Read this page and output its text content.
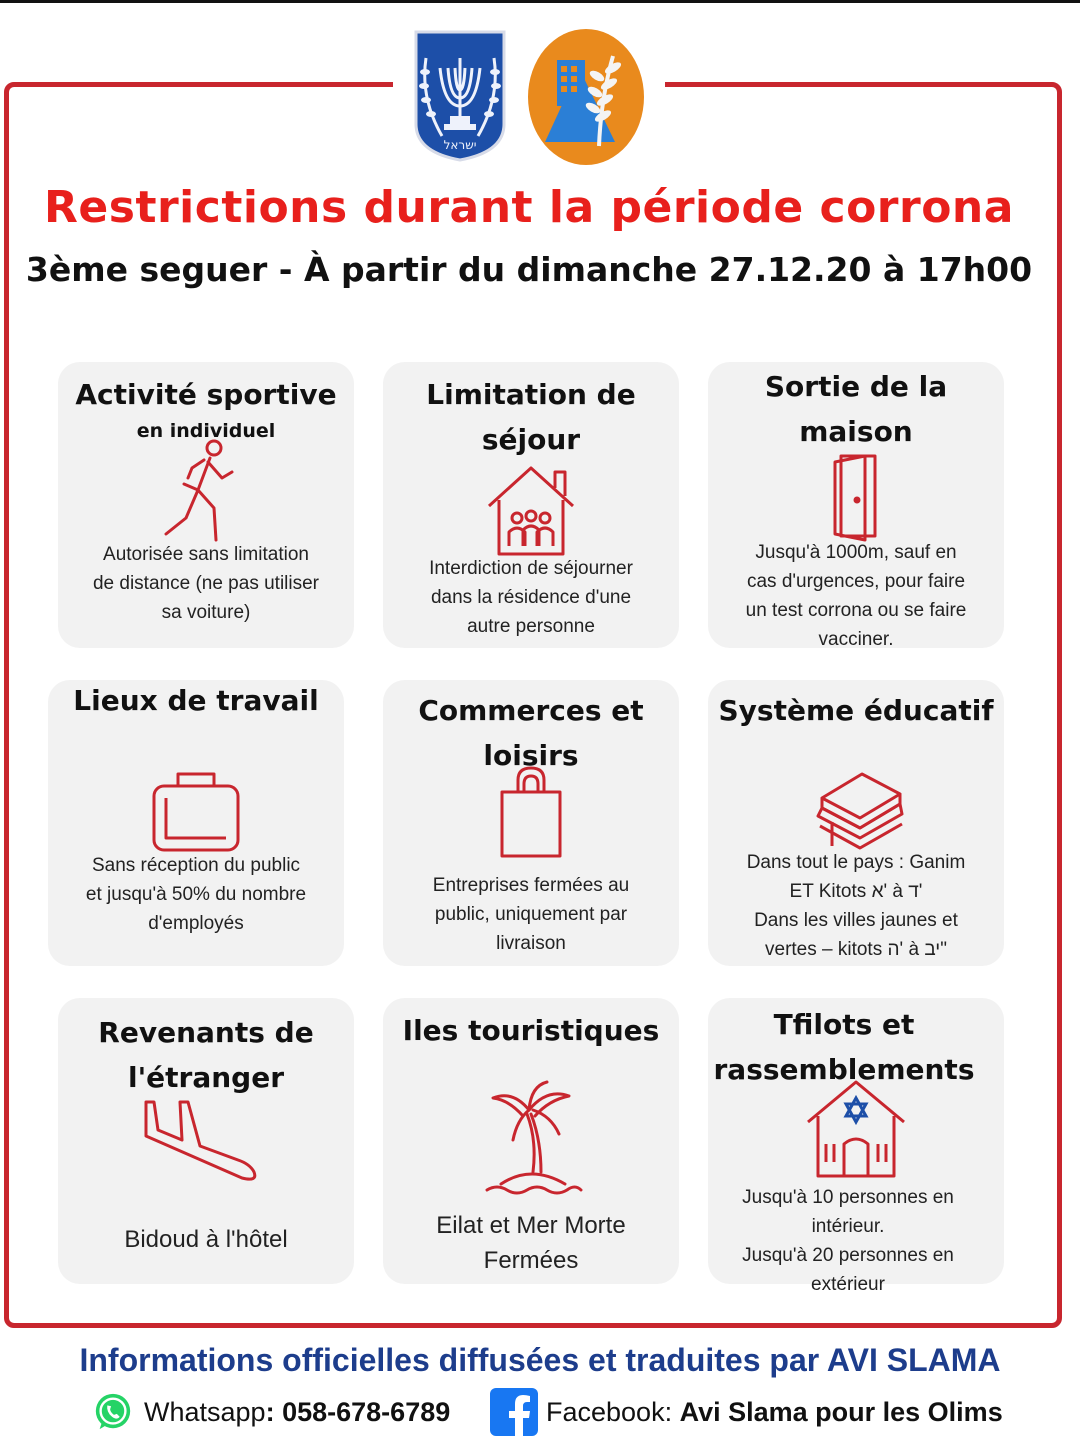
ישראל
Restrictions durant la période corrona
3ème seguer - À partir du dimanche 27.12.20 à 17h00
Activité sportive
en individuel
Autorisée sans limitation
de distance (ne pas utiliser
sa voiture)
Limitation de
séjour
Interdiction de séjourner
dans la résidence d'une
autre personne
Sortie de la
maison
Jusqu'à 1000m, sauf en
cas d'urgences, pour faire
un test corrona ou se faire
vacciner.
Lieux de travail
Sans réception du public
et jusqu'à 50% du nombre
d'employés
Commerces et
loisirs
Entreprises fermées au
public, uniquement par
livraison
Système éducatif
Dans tout le pays : Ganim
ET Kitots א' à ד'
Dans les villes jaunes et
vertes – kitots ה' à יב"
Revenants de
l'étranger
Bidoud à l'hôtel
Iles touristiques
Eilat et Mer Morte
Fermées
Tfilots et
rassemblements
Jusqu'à 10 personnes en
intérieur.
Jusqu'à 20 personnes en
extérieur
Informations officielles diffusées et traduites par AVI SLAMA
Whatsapp :
058-678-6789	Facebook:
Avi Slama pour les Olims
